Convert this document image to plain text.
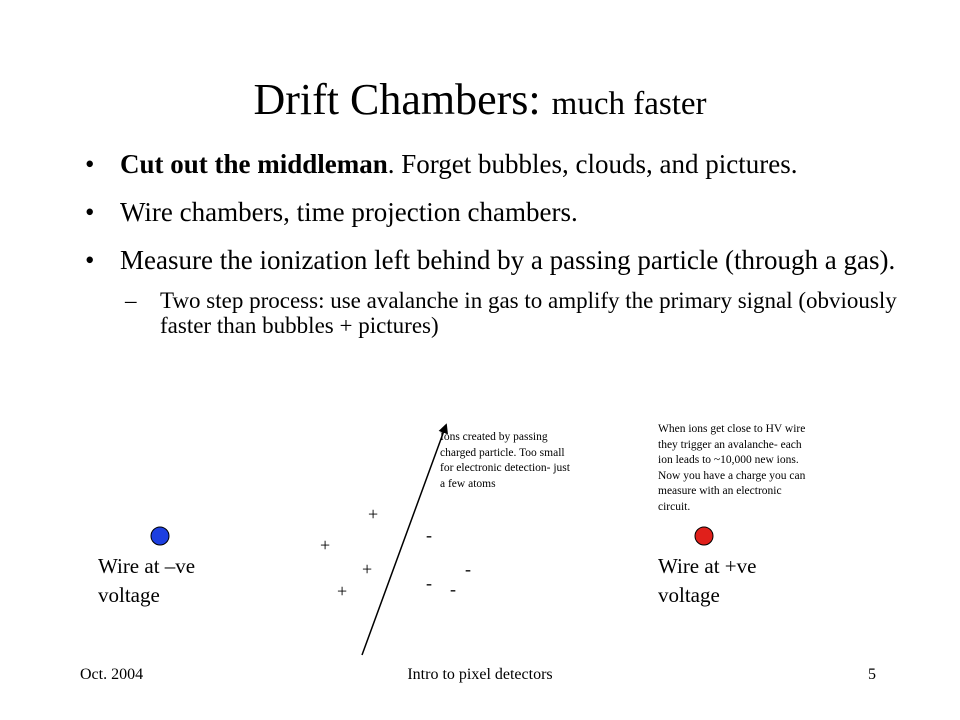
Drift Chambers: much faster
• Cut out the middleman. Forget bubbles, clouds, and pictures.
• Wire chambers, time projection chambers.
• Measure the ionization left behind by a passing particle (through a gas).
– Two step process: use avalanche in gas to amplify the primary signal (obviously faster than bubbles + pictures)
Ions created by passing charged particle. Too small for electronic detection- just a few atoms
When ions get close to HV wire they trigger an avalanche- each ion leads to ~10,000 new ions. Now you have a charge you can measure with an electronic circuit.
Wire at –ve voltage
Wire at +ve voltage
+
+
+
+
-
-
- -
Oct. 2004	Intro to pixel detectors	5
